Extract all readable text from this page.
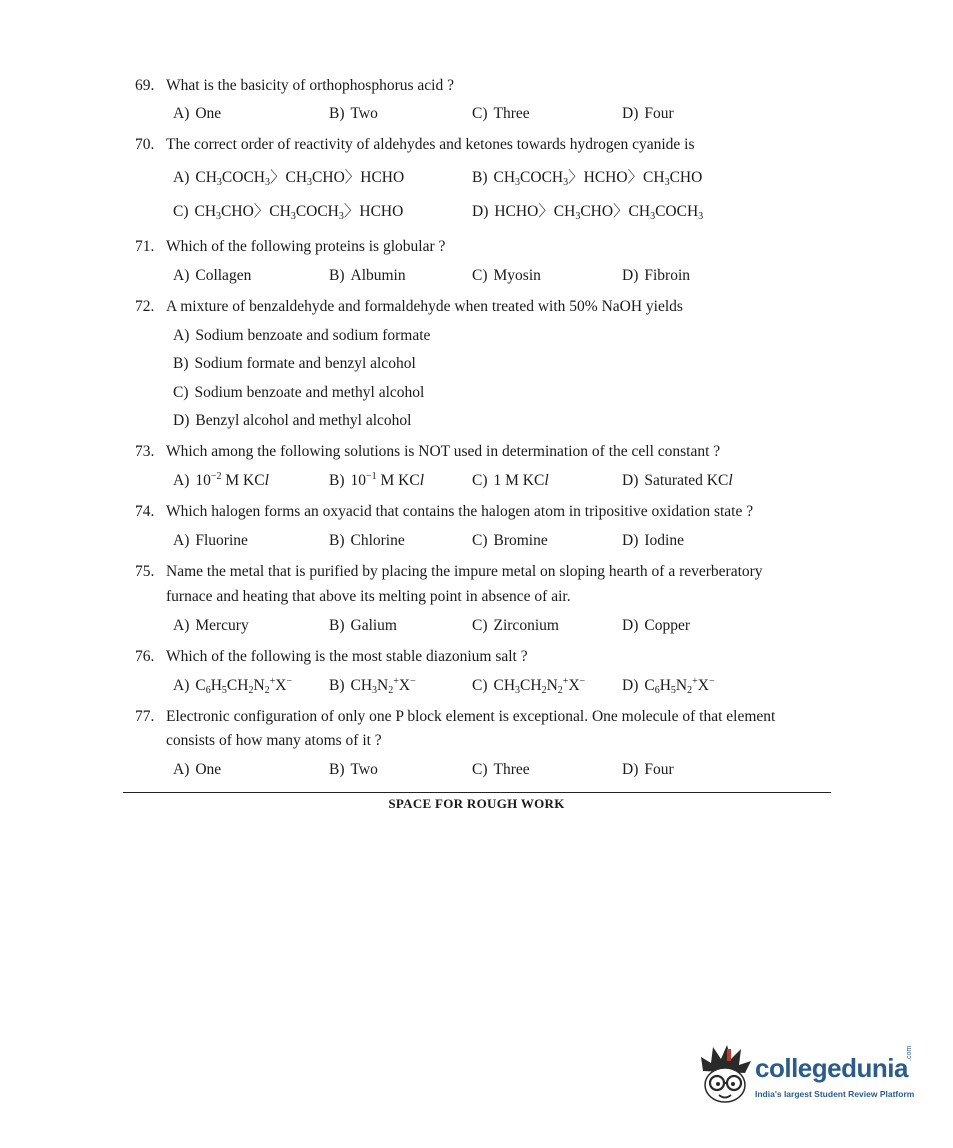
69. What is the basicity of orthophosphorus acid ?
A) One	B) Two	C) Three	D) Four
70. The correct order of reactivity of aldehydes and ketones towards hydrogen cyanide is
A) $CH_3COCH_3$〉$CH_3CHO$〉HCHO	B) $CH_3COCH_3$〉HCHO〉$CH_3CHO$
C) $CH_3CHO$〉$CH_3COCH_3$〉HCHO	D) HCHO〉$CH_3CHO$〉$CH_3COCH_3$
71. Which of the following proteins is globular ?
A) Collagen	B) Albumin	C) Myosin	D) Fibroin
72. A mixture of benzaldehyde and formaldehyde when treated with 50% NaOH yields
A) Sodium benzoate and sodium formate
B) Sodium formate and benzyl alcohol
C) Sodium benzoate and methyl alcohol
D) Benzyl alcohol and methyl alcohol
73. Which among the following solutions is NOT used in determination of the cell constant ?
A) $10^{-2}$ M KCl	B) $10^{-1}$ M KCl	C) 1 M KCl	D) Saturated KCl
74. Which halogen forms an oxyacid that contains the halogen atom in tripositive oxidation state ?
A) Fluorine	B) Chlorine	C) Bromine	D) Iodine
75. Name the metal that is purified by placing the impure metal on sloping hearth of a reverberatory
furnace and heating that above its melting point in absence of air.
A) Mercury	B) Galium	C) Zirconium	D) Copper
76. Which of the following is the most stable diazonium salt ?
A) $C_6H_5CH_2N_2^+X^-$ B) $CH_3N_2^+X^-$	C) $CH_3CH_2N_2^+X^-$ D) $C_6H_5N_2^+X^-$
77. Electronic configuration of only one P block element is exceptional. One molecule of that element
consists of how many atoms of it ?
A) One	B) Two	C) Three	D) Four
SPACE FOR ROUGH WORK
collegedunia
.com
India's largest Student Review Platform
